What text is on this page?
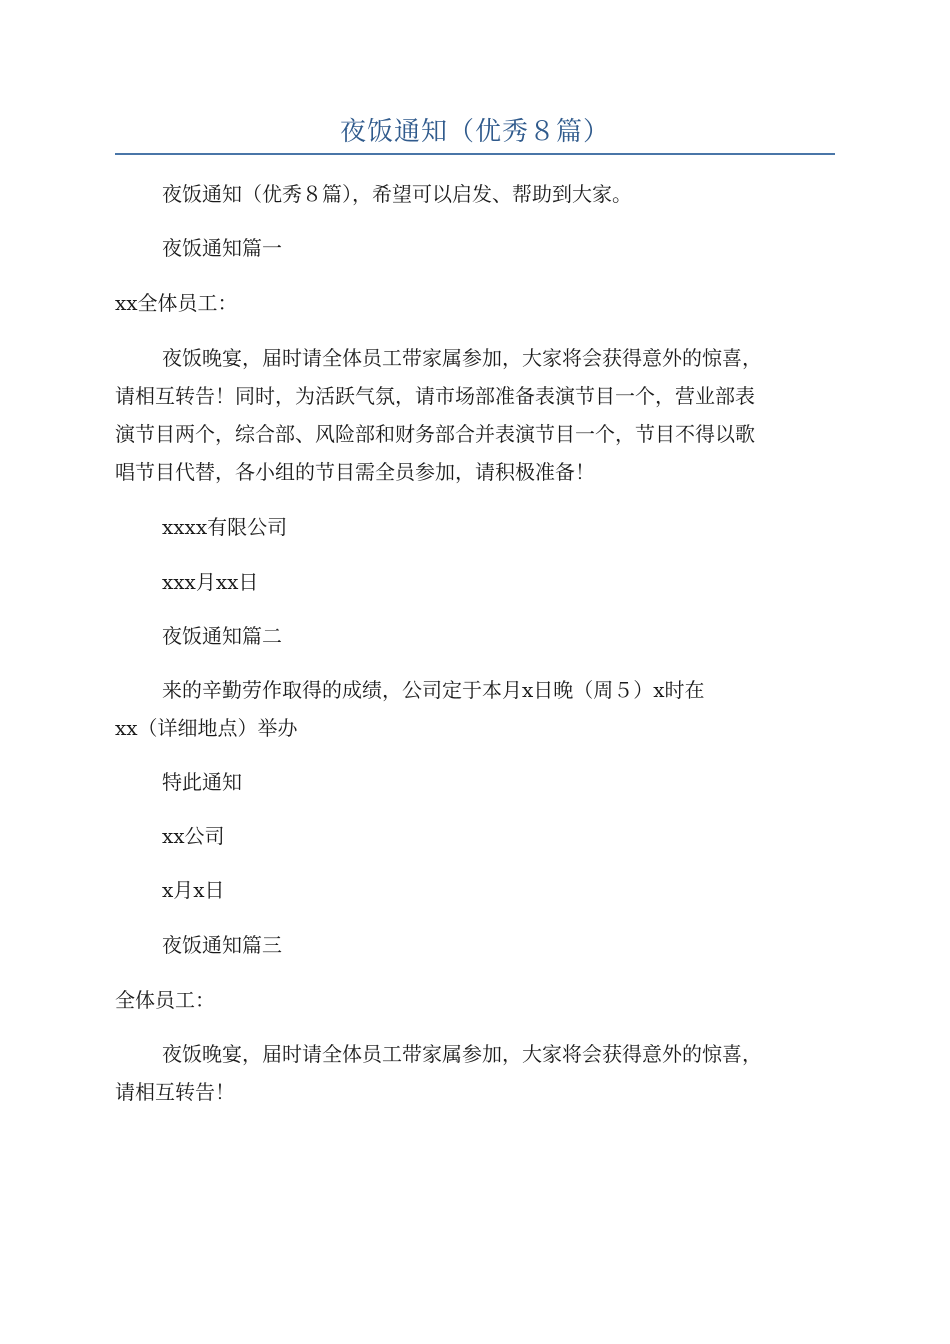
夜饭通知（优秀８篇）

夜饭通知（优秀８篇），希望可以启发、帮助到大家。

夜饭通知篇一

xx全体员工：

夜饭晚宴，届时请全体员工带家属参加，大家将会获得意外的惊喜，

请相互转告！同时，为活跃气氛，请市场部准备表演节目一个，营业部表

演节目两个，综合部、风险部和财务部合并表演节目一个，节目不得以歌

唱节目代替，各小组的节目需全员参加，请积极准备！

xxxx有限公司

xxx月xx日

夜饭通知篇二

来的辛勤劳作取得的成绩，公司定于本月x日晚（周５）x时在

xx（详细地点）举办

特此通知

xx公司

x月x日

夜饭通知篇三

全体员工：

夜饭晚宴，届时请全体员工带家属参加，大家将会获得意外的惊喜，

请相互转告！
